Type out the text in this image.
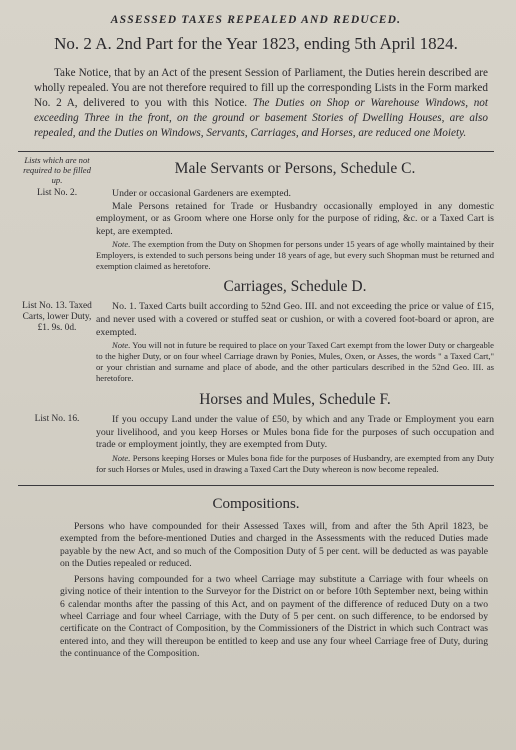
ASSESSED TAXES REPEALED AND REDUCED.
No. 2 A. 2nd Part for the Year 1823, ending 5th April 1824.
Take Notice, that by an Act of the present Session of Parliament, the Duties herein described are wholly repealed. You are not therefore required to fill up the corresponding Lists in the Form marked No. 2 A, delivered to you with this Notice. The Duties on Shop or Warehouse Windows, not exceeding Three in the front, on the ground or basement Stories of Dwelling Houses, are also repealed, and the Duties on Windows, Servants, Carriages, and Horses, are reduced one Moiety.
Lists which are not required to be filled up.
Male Servants or Persons, Schedule C.
List No. 2.	Under or occasional Gardeners are exempted.

Male Persons retained for Trade or Husbandry occasionally employed in any domestic employment, or as Groom where one Horse only for the purpose of riding, &c. or a Taxed Cart is kept, are exempted.

Note. The exemption from the Duty on Shopmen for persons under 15 years of age wholly maintained by their Employers, is extended to such persons being under 18 years of age, but every such Shopman must be returned and exemption claimed as heretofore.
Carriages, Schedule D.
List No. 13. Taxed Carts, lower Duty, £1. 9s. 0d.

No. 1. Taxed Carts built according to 52nd Geo. III. and not exceeding the price or value of £15, and never used with a covered or stuffed seat or cushion, or with a covered foot-board or apron, are exempted.

Note. You will not in future be required to place on your Taxed Cart exempt from the lower Duty or chargeable to the higher Duty, or on four wheel Carriage drawn by Ponies, Mules, Oxen, or Asses, the words " a Taxed Cart," or your christian and surname and place of abode, and the other particulars described in the 52nd Geo. III. as heretofore.
Horses and Mules, Schedule F.
List No. 16.	If you occupy Land under the value of £50, by which and any Trade or Employment you earn your livelihood, and you keep Horses or Mules bona fide for the purposes of such occupation and trade or employment jointly, they are exempted from Duty.

Note. Persons keeping Horses or Mules bona fide for the purposes of Husbandry, are exempted from any Duty for such Horses or Mules, used in drawing a Taxed Cart the Duty whereon is now become repealed.
Compositions.

Persons who have compounded for their Assessed Taxes will, from and after the 5th April 1823, be exempted from the before-mentioned Duties and charged in the Assessments with the reduced Duties made payable by the new Act, and so much of the Composition Duty of 5 per cent. will be deducted as was payable on the Duties repealed or reduced.

Persons having compounded for a two wheel Carriage may substitute a Carriage with four wheels on giving notice of their intention to the Surveyor for the District on or before 10th September next, being within 6 calendar months after the passing of this Act, and on payment of the difference of reduced Duty on a two wheel Carriage and four wheel Carriage, with the Duty of 5 per cent. on such difference, to be endorsed by certificate on the Contract of Composition, by the Commissioners of the District in which such Contract was entered into, and they will thereupon be entitled to keep and use any four wheel Carriage free of Duty, during the continuance of the Composition.
